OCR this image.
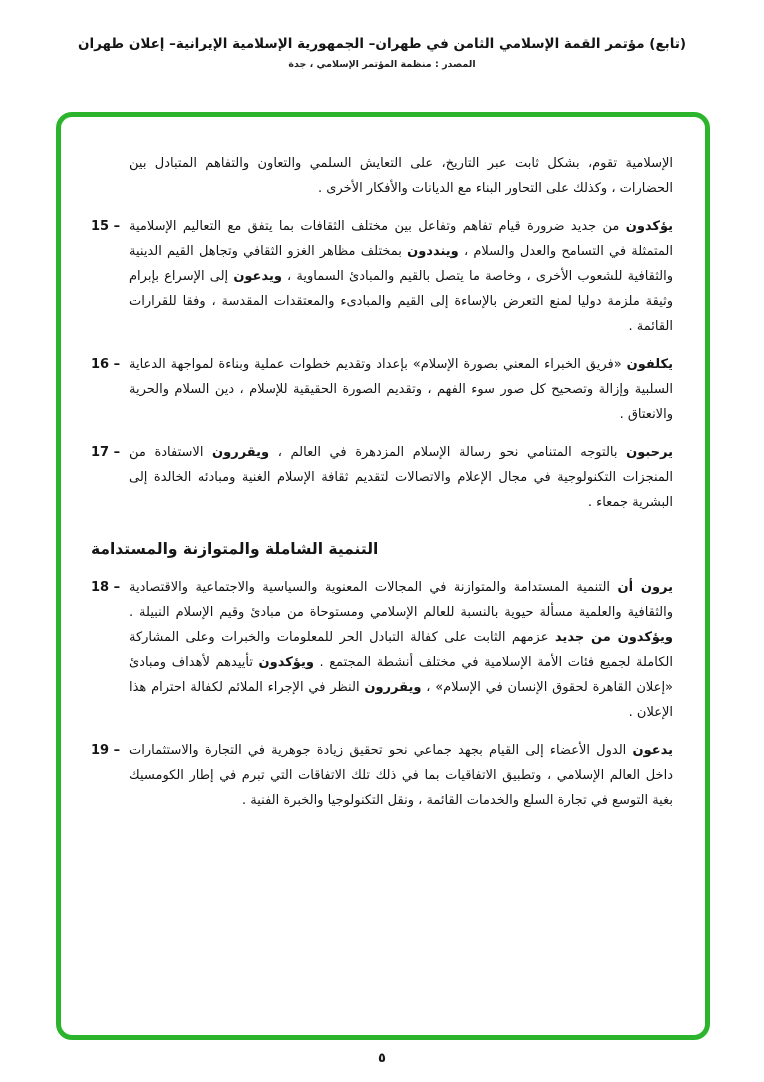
(تابع) مؤتمر القمة الإسلامي الثامن في طهران– الجمهورية الإسلامية الإيرانية– إعلان طهران
المصدر : منظمة المؤتمر الإسلامي ، جدة
الإسلامية تقوم، بشكل ثابت عبر التاريخ، على التعايش السلمي والتعاون والتفاهم المتبادل بين الحضارات ، وكذلك على التحاور البناء مع الديانات والأفكار الأخرى .
15 –	يؤكدون من جديد ضرورة قيام تفاهم وتفاعل بين مختلف الثقافات بما يتفق مع التعاليم الإسلامية المتمثلة في التسامح والعدل والسلام ، وينددون بمختلف مظاهر الغزو الثقافي وتجاهل القيم الدينية والثقافية للشعوب الأخرى ، وخاصة ما يتصل بالقيم والمبادئ السماوية ، ويدعون إلى الإسراع بإبرام وثيقة ملزمة دوليا لمنع التعرض بالإساءة إلى القيم والمبادىء والمعتقدات المقدسة ، وفقا للقرارات القائمة .
16 –	يكلفون «فريق الخبراء المعني بصورة الإسلام» بإعداد وتقديم خطوات عملية وبناءة لمواجهة الدعاية السلبية وإزالة وتصحيح كل صور سوء الفهم ، وتقديم الصورة الحقيقية للإسلام ، دين السلام والحرية والانعتاق .
17 –	يرحبون بالتوجه المتنامي نحو رسالة الإسلام المزدهرة في العالم ، ويقررون الاستفادة من المنجزات التكنولوجية في مجال الإعلام والاتصالات لتقديم ثقافة الإسلام الغنية ومبادئه الخالدة إلى البشرية جمعاء .
التنمية الشاملة والمتوازنة والمستدامة
18 –	يرون أن التنمية المستدامة والمتوازنة في المجالات المعنوية والسياسية والاجتماعية والاقتصادية والثقافية والعلمية مسألة حيوية بالنسبة للعالم الإسلامي ومستوحاة من مبادئ وقيم الإسلام النبيلة . ويؤكدون من جديد عزمهم الثابت على كفالة التبادل الحر للمعلومات والخبرات وعلى المشاركة الكاملة لجميع فئات الأمة الإسلامية في مختلف أنشطة المجتمع . ويؤكدون تأييدهم لأهداف ومبادئ «إعلان القاهرة لحقوق الإنسان في الإسلام» ، ويقررون النظر في الإجراء الملائم لكفالة احترام هذا الإعلان .
19 –	يدعون الدول الأعضاء إلى القيام بجهد جماعي نحو تحقيق زيادة جوهرية في التجارة والاستثمارات داخل العالم الإسلامي ، وتطبيق الاتفاقيات بما في ذلك تلك الاتفاقات التي تبرم في إطار الكومسيك بغية التوسع في تجارة السلع والخدمات القائمة ، ونقل التكنولوجيا والخبرة الفنية .
٥
